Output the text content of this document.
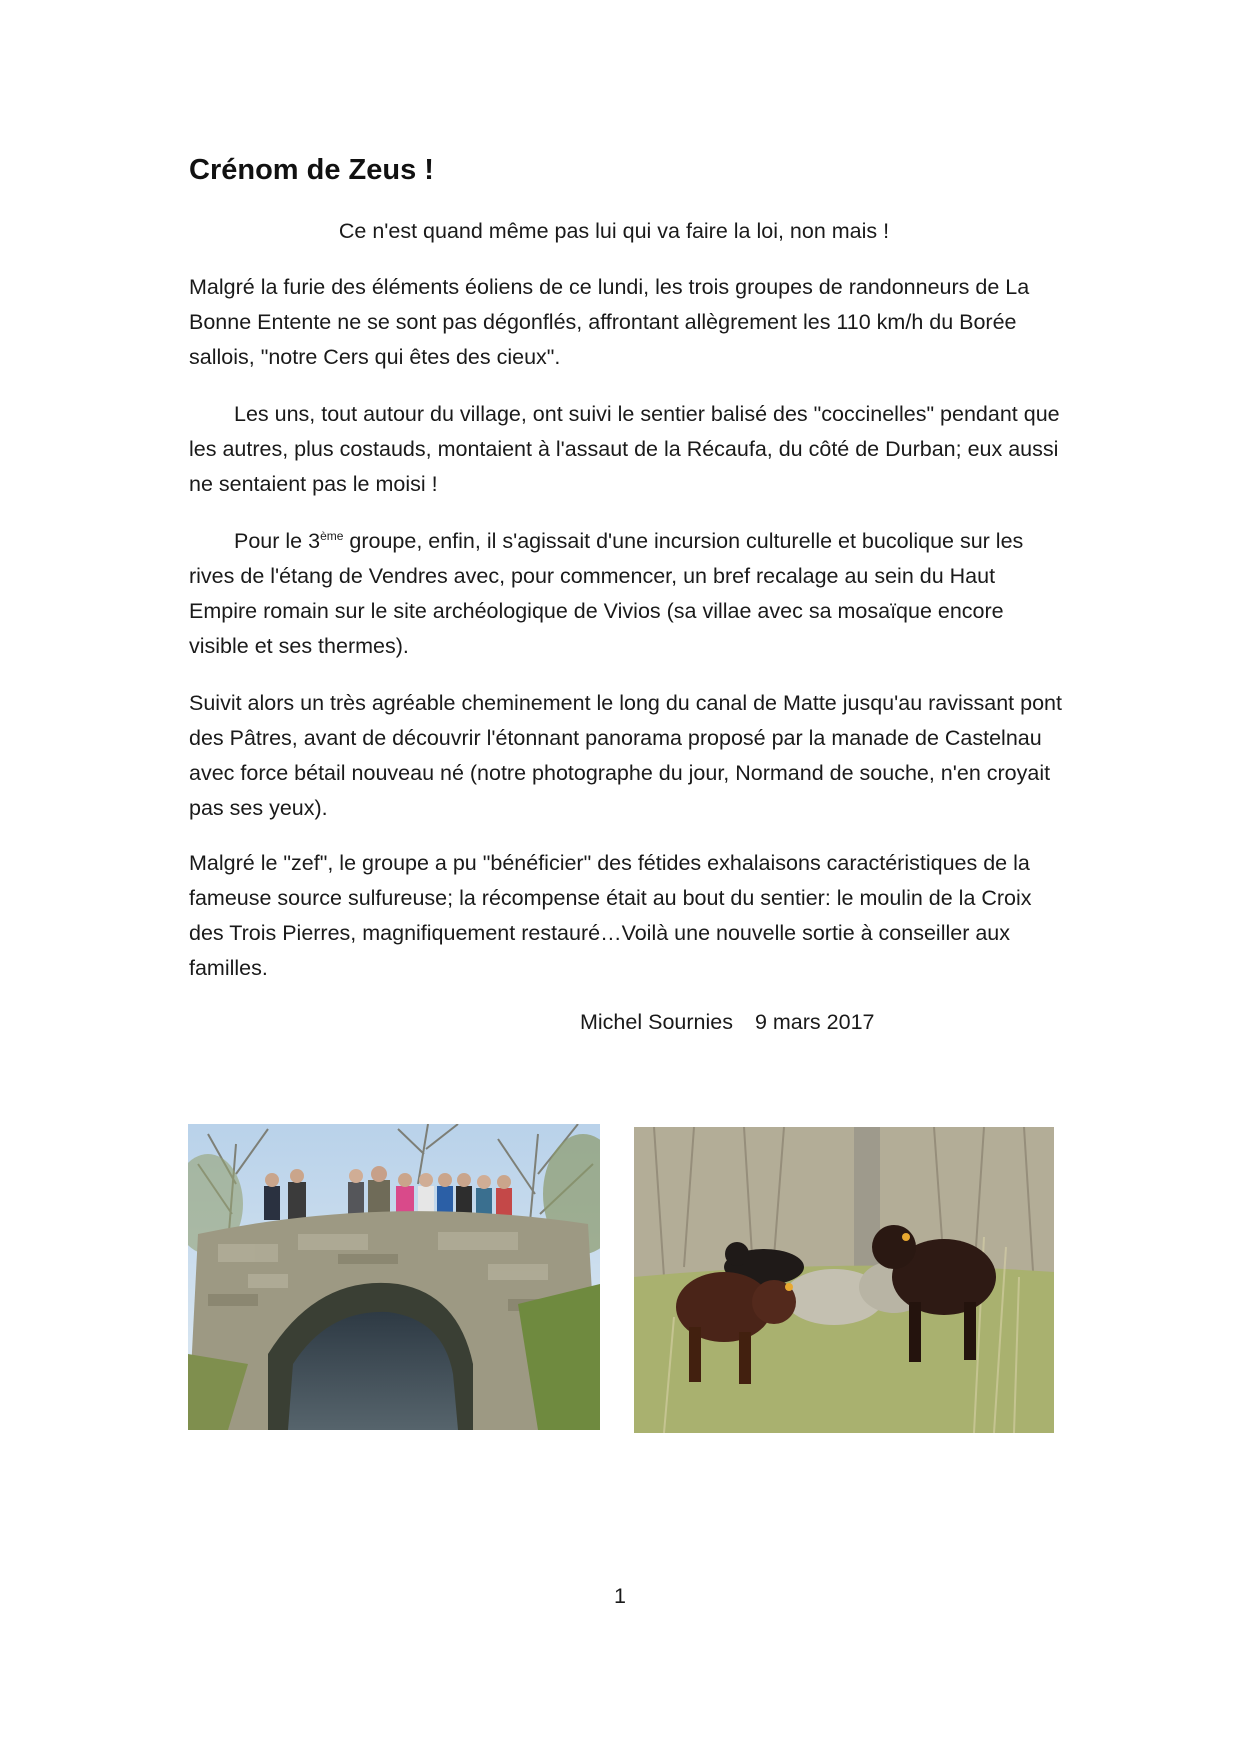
Crénom de Zeus !

Ce n'est quand même pas lui qui va faire la loi, non mais !

Malgré la furie des éléments éoliens de ce lundi, les trois groupes de randonneurs de La Bonne Entente ne se sont pas dégonflés, affrontant allègrement les 110 km/h du Borée sallois, "notre Cers qui êtes des cieux".

Les uns, tout autour du village, ont suivi le sentier balisé des "coccinelles" pendant que les autres, plus costauds, montaient à l'assaut de la Récaufa, du côté de Durban; eux aussi ne sentaient pas le moisi !

Pour le 3ème groupe, enfin, il s'agissait d'une incursion culturelle et bucolique sur les rives de l'étang de Vendres avec, pour commencer, un bref recalage au sein du Haut Empire romain sur le site archéologique de Vivios (sa villae avec sa mosaïque encore visible et ses thermes).

Suivit alors un très agréable cheminement le long du canal de Matte jusqu'au ravissant pont des Pâtres, avant de découvrir l'étonnant panorama proposé par la manade de Castelnau avec force bétail nouveau né (notre photographe du jour, Normand de souche, n'en croyait pas ses yeux).

Malgré le "zef", le groupe a pu "bénéficier" des fétides exhalaisons caractéristiques de la fameuse source sulfureuse; la récompense était au bout du sentier: le moulin de la Croix des Trois Pierres, magnifiquement restauré…Voilà une nouvelle sortie à conseiller aux familles.

Michel Sournies 9 mars 2017

1
